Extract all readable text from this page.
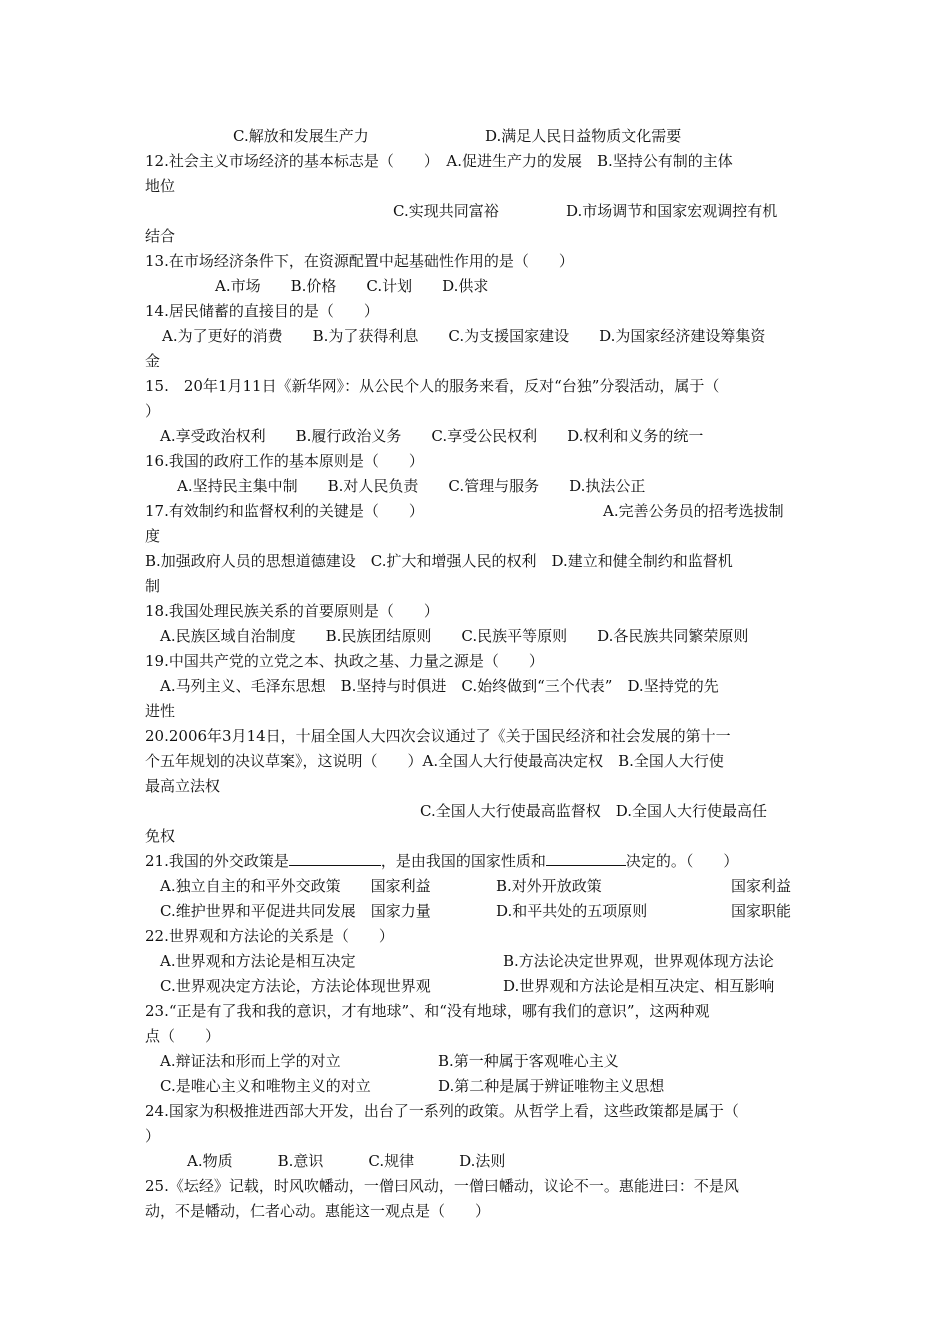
C.解放和发展生产力	D.满足人民日益物质文化需要
12.社会主义市场经济的基本标志是（　　）　A.促进生产力的发展　B.坚持公有制的主体
地位
C.实现共同富裕	D.市场调节和国家宏观调控有机
结合
13.在市场经济条件下，在资源配置中起基础性作用的是（　　）
A.市场　　B.价格　　C.计划　　D.供求
14.居民储蓄的直接目的是（　　）
A.为了更好的消费　　B.为了获得利息　　C.为支援国家建设　　D.为国家经济建设筹集资
金
15.　20年1月11日《新华网》：从公民个人的服务来看，反对“台独”分裂活动，属于（
）
A.享受政治权利　　B.履行政治义务　　C.享受公民权利　　D.权利和义务的统一
16.我国的政府工作的基本原则是（　　）
A.坚持民主集中制　　B.对人民负责　　C.管理与服务　　D.执法公正
17.有效制约和监督权利的关键是（　　）	A.完善公务员的招考选拔制
度
B.加强政府人员的思想道德建设　C.扩大和增强人民的权利　D.建立和健全制约和监督机
制
18.我国处理民族关系的首要原则是（　　）
A.民族区域自治制度　　B.民族团结原则　　C.民族平等原则　　D.各民族共同繁荣原则
19.中国共产党的立党之本、执政之基、力量之源是（　　）
A.马列主义、毛泽东思想　B.坚持与时俱进　C.始终做到“三个代表”　D.坚持党的先
进性
20.2006年3月14日，十届全国人大四次会议通过了《关于国民经济和社会发展的第十一
个五年规划的决议草案》，这说明（　　）A.全国人大行使最高决定权　B.全国人大行使
最高立法权
C.全国人大行使最高监督权　D.全国人大行使最高任
免权
21.我国的外交政策是	，是由我国的国家性质和	决定的。（　　）
A.独立自主的和平外交政策　　国家利益	B.对外开放政策	国家利益
C.维护世界和平促进共同发展　国家力量	D.和平共处的五项原则	国家职能
22.世界观和方法论的关系是（　　）
A.世界观和方法论是相互决定	B.方法论决定世界观，世界观体现方法论
C.世界观决定方法论，方法论体现世界观	D.世界观和方法论是相互决定、相互影响
23.“正是有了我和我的意识，才有地球”、和“没有地球，哪有我们的意识”，这两种观
点（　　）
A.辩证法和形而上学的对立	B.第一种属于客观唯心主义
C.是唯心主义和唯物主义的对立	D.第二种是属于辨证唯物主义思想
24.国家为积极推进西部大开发，出台了一系列的政策。从哲学上看，这些政策都是属于（
）
A.物质　　　B.意识　　　C.规律　　　D.法则
25.《坛经》记载，时风吹幡动，一僧曰风动，一僧曰幡动，议论不一。惠能进曰：不是风
动，不是幡动，仁者心动。惠能这一观点是（　　）
